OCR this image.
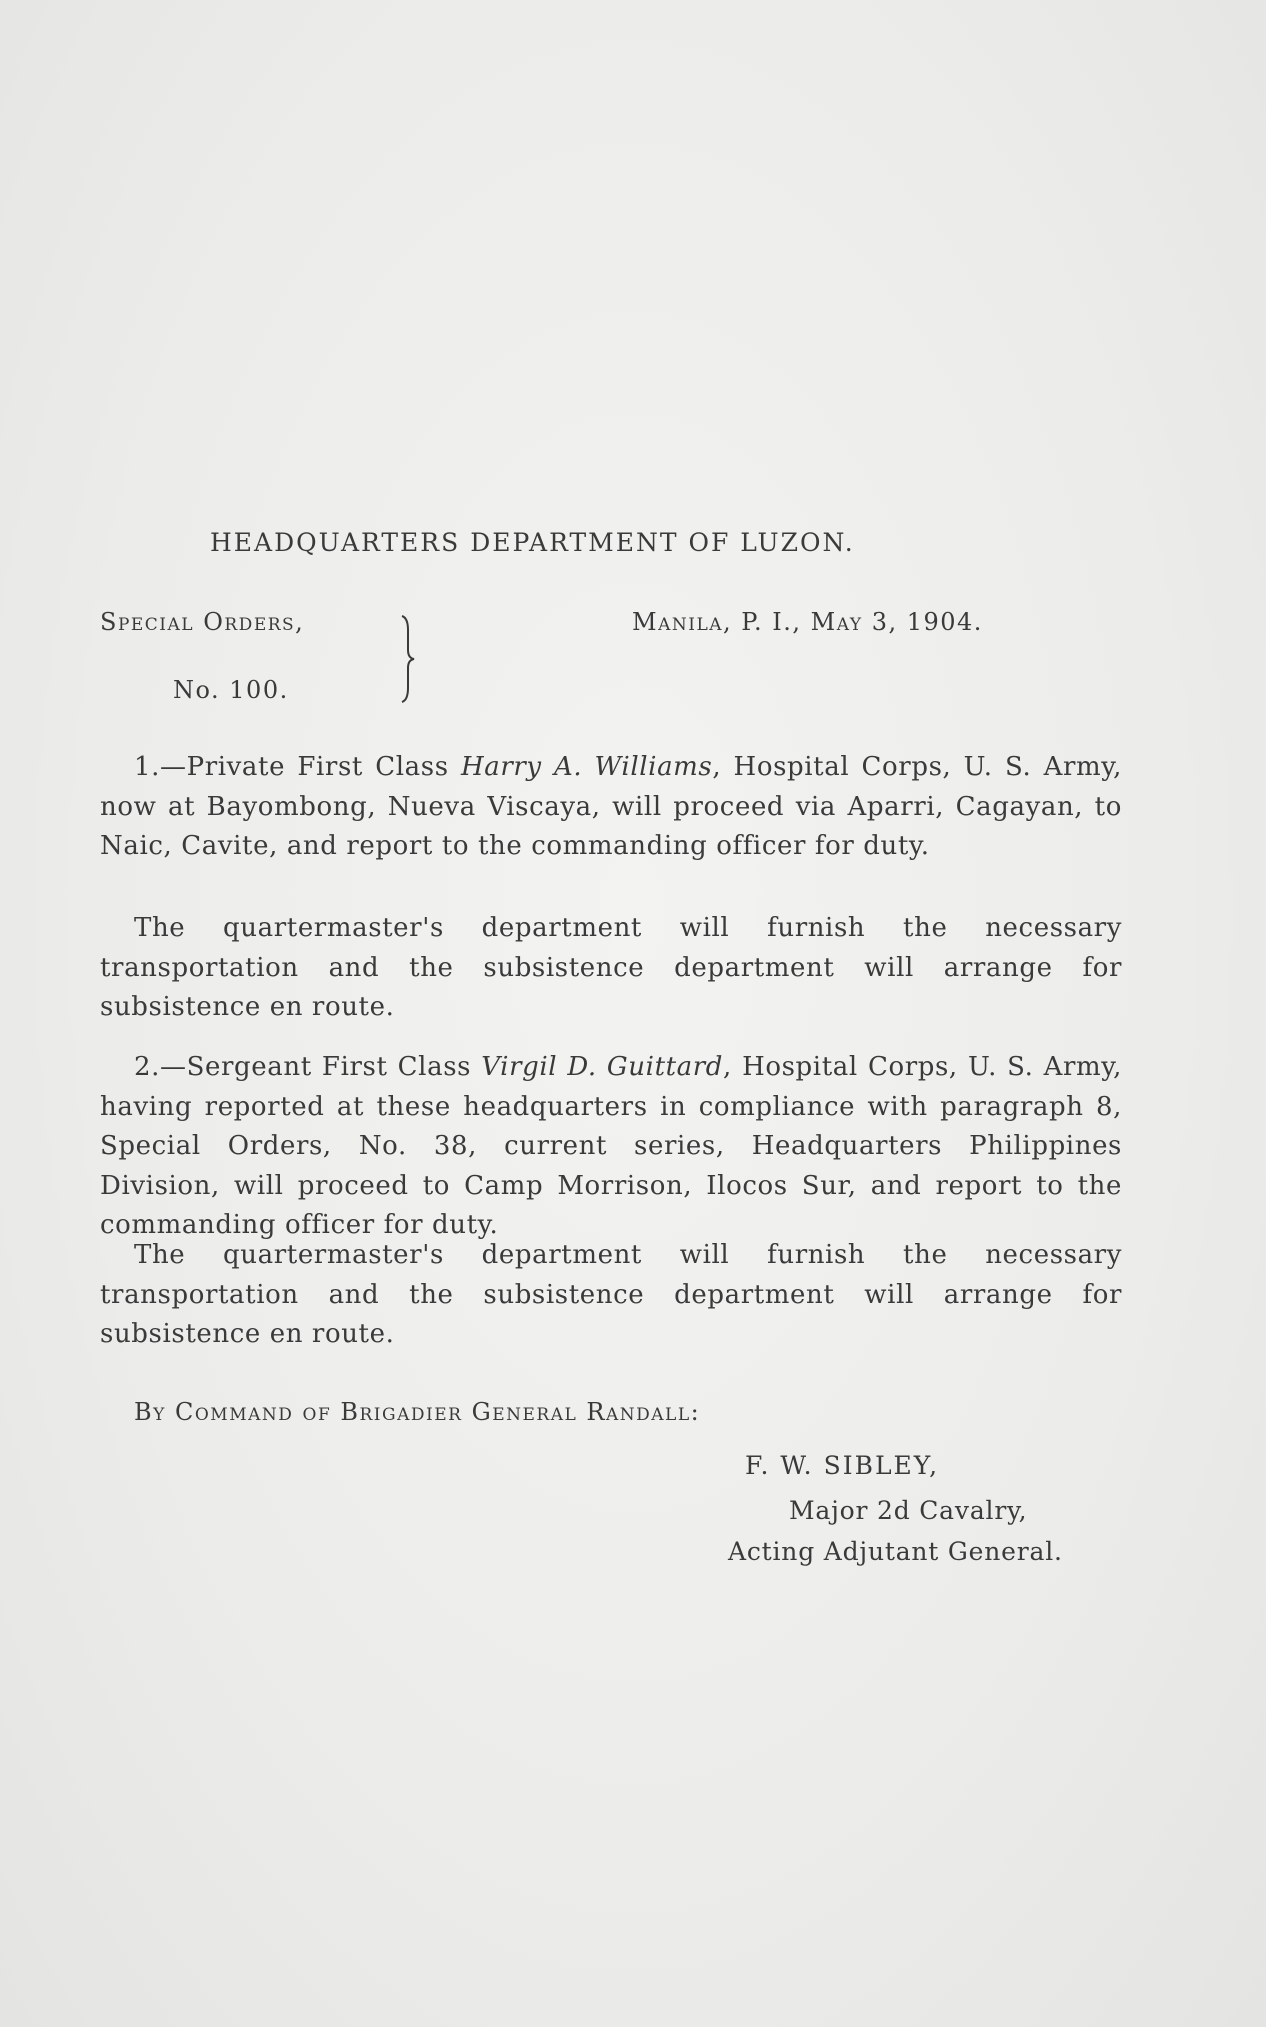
HEADQUARTERS DEPARTMENT OF LUZON.
Special Orders,
No. 100.
Manila, P. I., May 3, 1904.
1.—Private First Class Harry A. Williams, Hospital Corps, U. S. Army, now at Bayombong, Nueva Viscaya, will proceed via Aparri, Cagayan, to Naic, Cavite, and report to the commanding officer for duty.
The quartermaster's department will furnish the necessary transportation and the subsistence department will arrange for subsistence en route.
2.—Sergeant First Class Virgil D. Guittard, Hospital Corps, U. S. Army, having reported at these headquarters in compliance with paragraph 8, Special Orders, No. 38, current series, Headquarters Philippines Division, will proceed to Camp Morrison, Ilocos Sur, and report to the commanding officer for duty.
The quartermaster's department will furnish the necessary transportation and the subsistence department will arrange for subsistence en route.
By Command of Brigadier General Randall:
F. W. SIBLEY,
Major 2d Cavalry,
Acting Adjutant General.
